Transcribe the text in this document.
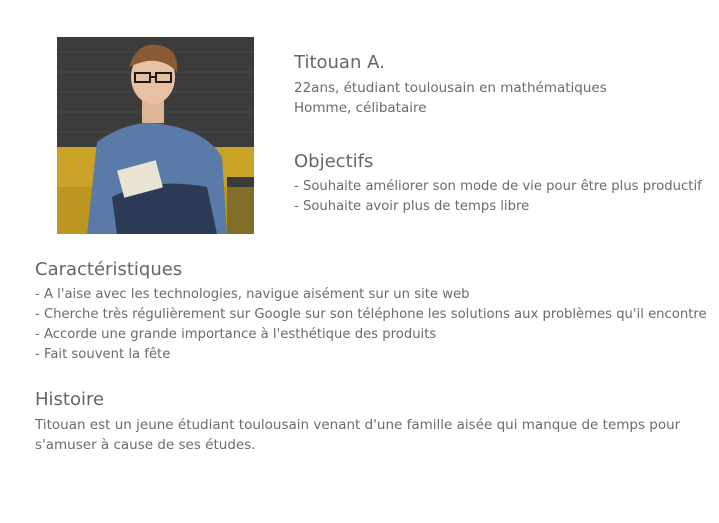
Titouan A.
22ans, étudiant toulousain en mathématiques
Homme, célibataire
Objectifs
- Souhaite améliorer son mode de vie pour être plus productif
- Souhaite avoir plus de temps libre
Caractéristiques
- A l'aise avec les technologies, navigue aisément sur un site web
- Cherche très régulièrement sur Google sur son téléphone les solutions aux problèmes qu'il encontre
- Accorde une grande importance à l'esthétique des produits
- Fait souvent la fête
Histoire
Titouan est un jeune étudiant toulousain venant d'une famille aisée qui manque de temps pour s'amuser à cause de ses études.
